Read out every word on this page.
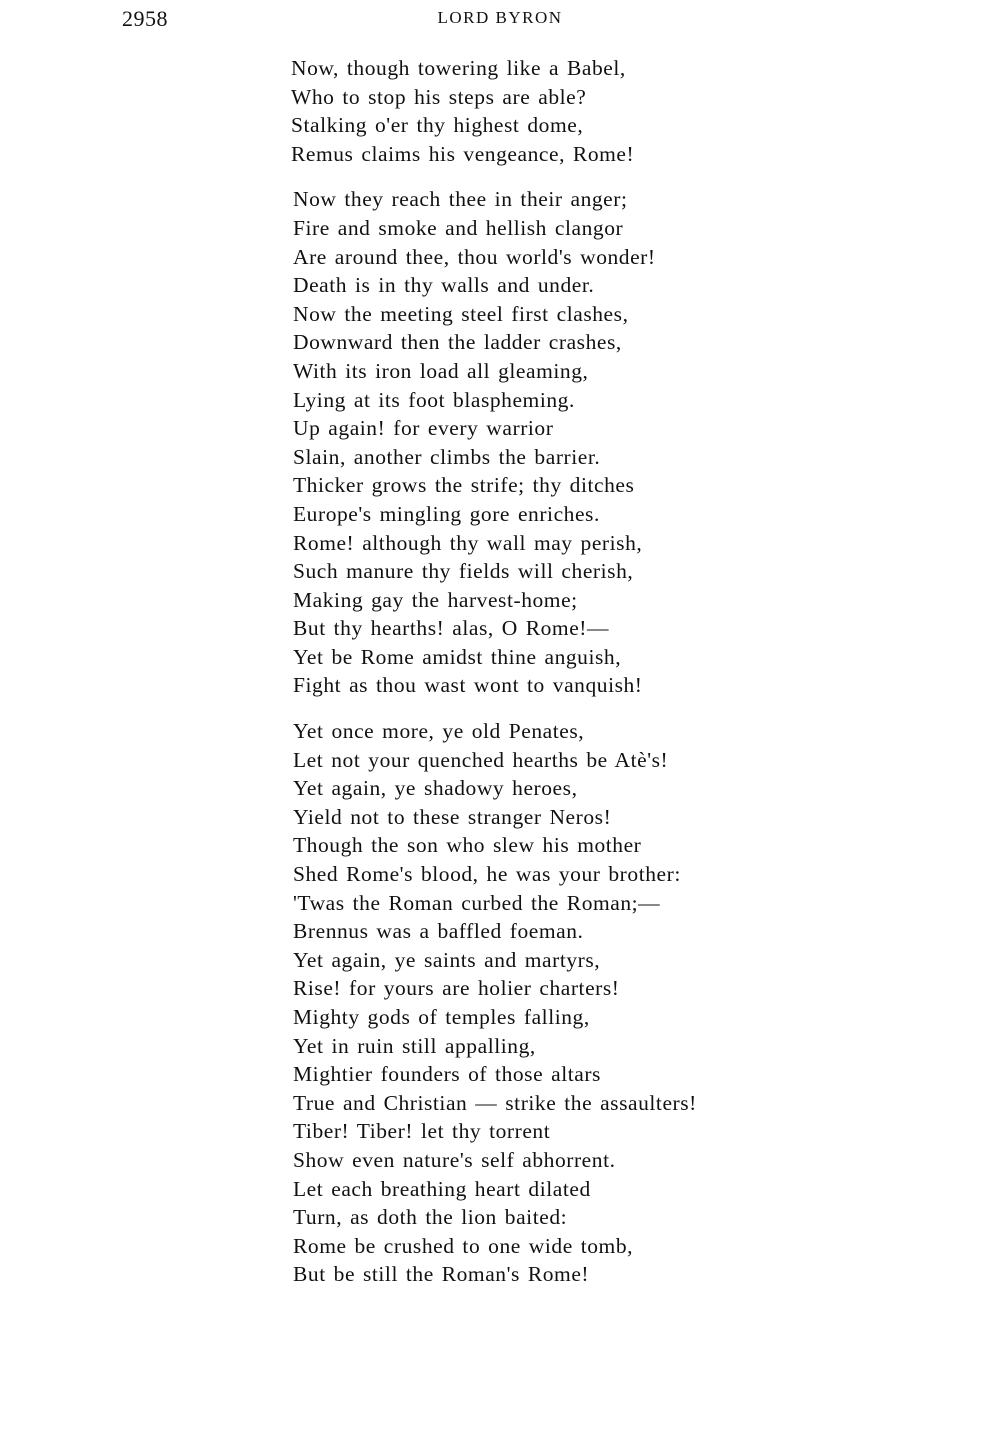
2958	LORD BYRON
Now, though towering like a Babel,
Who to stop his steps are able?
Stalking o'er thy highest dome,
Remus claims his vengeance, Rome!
Now they reach thee in their anger;
Fire and smoke and hellish clangor
Are around thee, thou world's wonder!
Death is in thy walls and under.
Now the meeting steel first clashes,
Downward then the ladder crashes,
With its iron load all gleaming,
Lying at its foot blaspheming.
Up again! for every warrior
Slain, another climbs the barrier.
Thicker grows the strife; thy ditches
Europe's mingling gore enriches.
Rome! although thy wall may perish,
Such manure thy fields will cherish,
Making gay the harvest-home;
But thy hearths! alas, O Rome!—
Yet be Rome amidst thine anguish,
Fight as thou wast wont to vanquish!
Yet once more, ye old Penates,
Let not your quenched hearths be Atè's!
Yet again, ye shadowy heroes,
Yield not to these stranger Neros!
Though the son who slew his mother
Shed Rome's blood, he was your brother:
'Twas the Roman curbed the Roman;—
Brennus was a baffled foeman.
Yet again, ye saints and martyrs,
Rise! for yours are holier charters!
Mighty gods of temples falling,
Yet in ruin still appalling,
Mightier founders of those altars
True and Christian — strike the assaulters!
Tiber! Tiber! let thy torrent
Show even nature's self abhorrent.
Let each breathing heart dilated
Turn, as doth the lion baited:
Rome be crushed to one wide tomb,
But be still the Roman's Rome!
